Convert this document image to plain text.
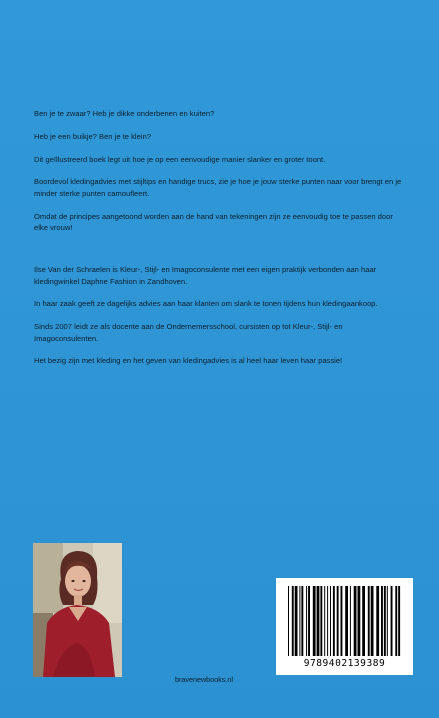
Ben je te zwaar? Heb je dikke onderbenen en kuiten?

Heb je een buikje? Ben je te klein?

Dit geïllustreerd boek legt uit hoe je op een eenvoudige manier slanker en groter toont.

Boordevol kledingadvies met stijltips en handige trucs, zie je hoe je jouw sterke punten naar voor brengt en je minder sterke punten camoufleert.

Omdat de principes aangetoond worden aan de hand van tekeningen zijn ze eenvoudig toe te passen door elke vrouw!

Ilse Van der Schraelen is Kleur-, Stijl- en Imagoconsulente met een eigen praktijk verbonden aan haar kledingwinkel Daphne Fashion in Zandhoven.

In haar zaak geeft ze dagelijks advies aan haar klanten om slank te tonen tijdens hun kledingaankoop.

Sinds 2007 leidt ze als docente aan de Ondernemersschool, cursisten op tot Kleur-, Stijl- en Imagoconsulenten.

Het bezig zijn met kleding en het geven van kledingadvies is al heel haar leven haar passie!

bravenewbooks.nl
9789402139389
